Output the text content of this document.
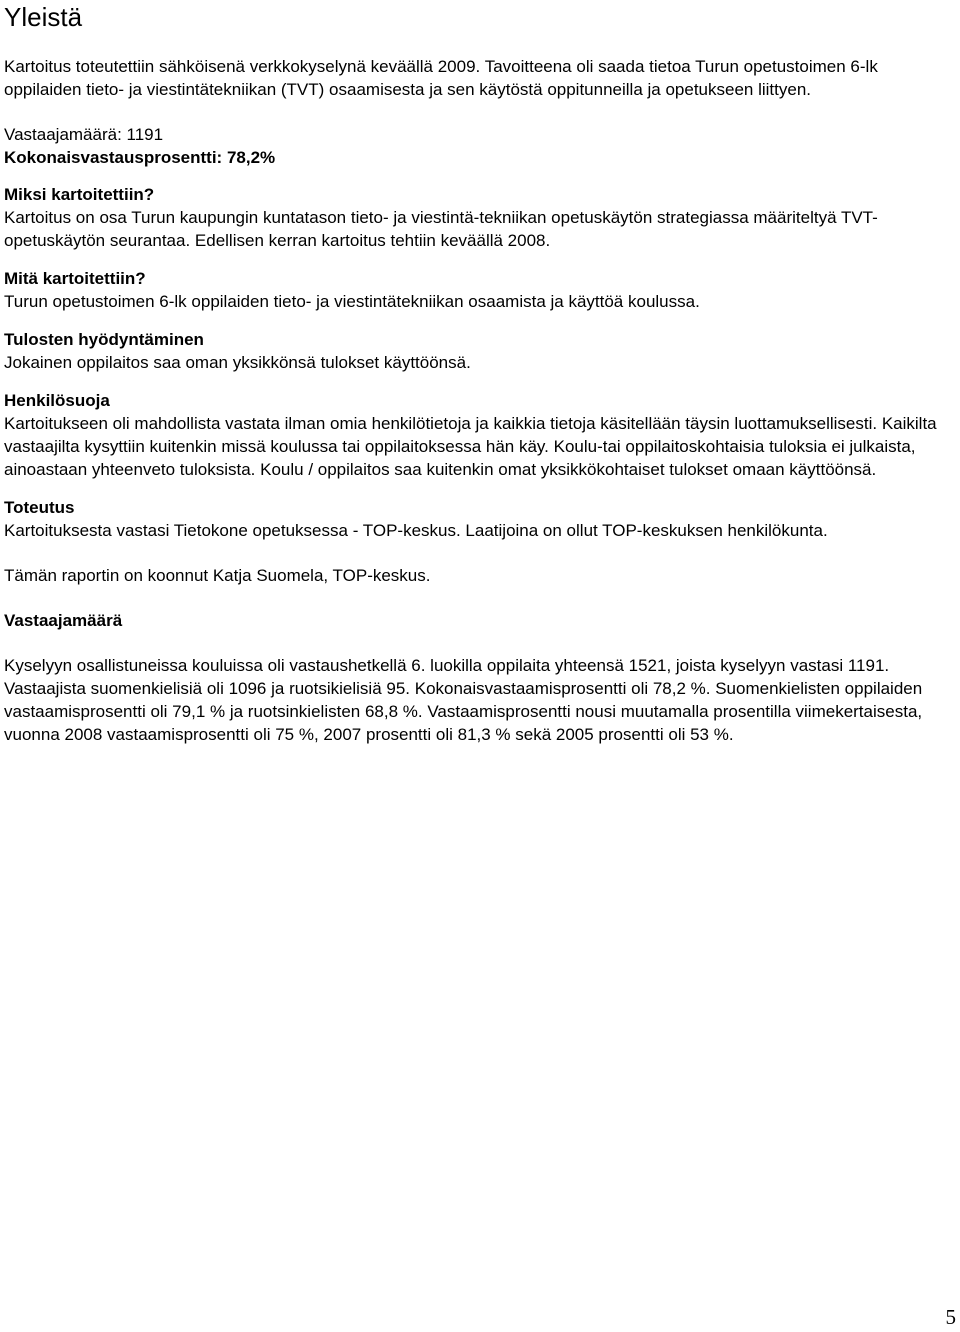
Yleistä

Kartoitus toteutettiin sähköisenä verkkokyselynä keväällä 2009. Tavoitteena oli saada tietoa Turun opetustoimen 6-lk oppilaiden tieto- ja viestintätekniikan (TVT) osaamisesta ja sen käytöstä oppitunneilla ja opetukseen liittyen.

Vastaajamäärä: 1191

Kokonaisvastausprosentti: 78,2%

Miksi kartoitettiin?

Kartoitus on osa Turun kaupungin kuntatason tieto- ja viestintä-tekniikan opetuskäytön strategiassa määriteltyä TVT-opetuskäytön seurantaa. Edellisen kerran kartoitus tehtiin keväällä 2008.

Mitä kartoitettiin?

Turun opetustoimen 6-lk oppilaiden tieto- ja viestintätekniikan osaamista ja käyttöä koulussa.

Tulosten hyödyntäminen

Jokainen oppilaitos saa oman yksikkönsä tulokset käyttöönsä.

Henkilösuoja

Kartoitukseen oli mahdollista vastata ilman omia henkilötietoja ja kaikkia tietoja käsitellään täysin luottamuksellisesti. Kaikilta vastaajilta kysyttiin kuitenkin missä koulussa tai oppilaitoksessa hän käy. Koulu-tai oppilaitoskohtaisia tuloksia ei julkaista, ainoastaan yhteenveto tuloksista. Koulu / oppilaitos saa kuitenkin omat yksikkökohtaiset tulokset omaan käyttöönsä.

Toteutus

Kartoituksesta vastasi Tietokone opetuksessa - TOP-keskus. Laatijoina on ollut TOP-keskuksen henkilökunta.

Tämän raportin on koonnut Katja Suomela, TOP-keskus.

Vastaajamäärä

Kyselyyn osallistuneissa kouluissa oli vastaushetkellä 6. luokilla oppilaita yhteensä 1521, joista kyselyyn vastasi 1191. Vastaajista suomenkielisiä oli 1096 ja ruotsikielisiä 95. Kokonaisvastaamisprosentti oli 78,2 %. Suomenkielisten oppilaiden vastaamisprosentti oli 79,1 % ja ruotsinkielisten 68,8 %. Vastaamisprosentti nousi muutamalla prosentilla viimekertaisesta, vuonna 2008 vastaamisprosentti oli 75 %, 2007 prosentti oli 81,3 % sekä 2005 prosentti oli 53 %.

5
